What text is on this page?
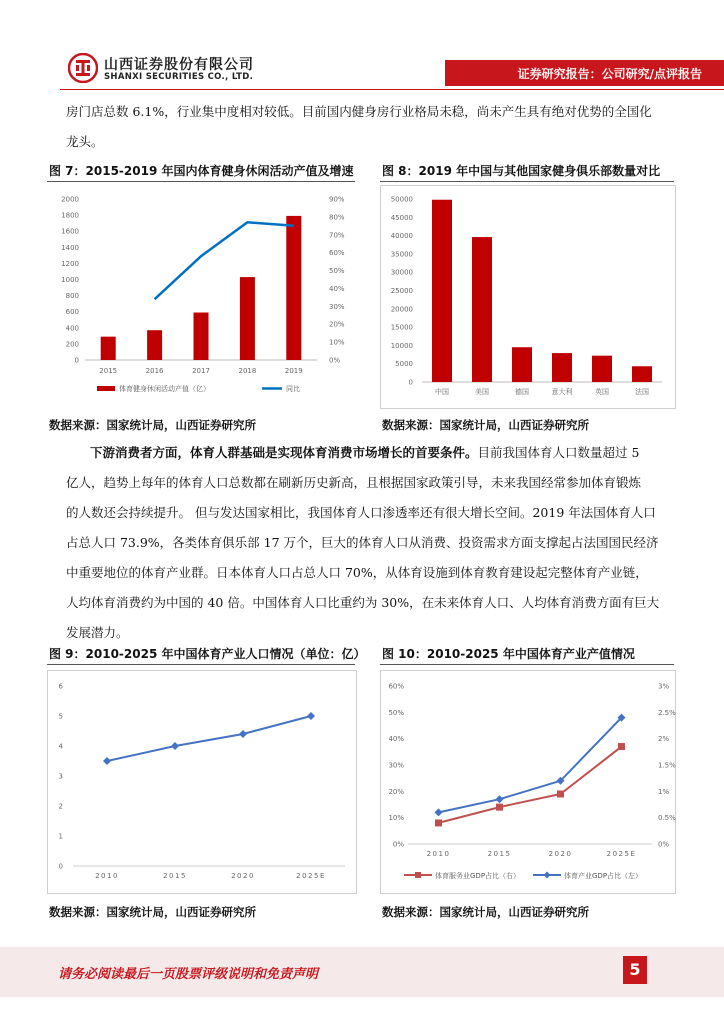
山西证券股份有限公司
SHANXI SECURITIES CO., LTD.	证券研究报告：公司研究/点评报告

房门店总数 6.1%，行业集中度相对较低。目前国内健身房行业格局未稳，尚未产生具有绝对优势的全国化

龙头。

图 7：2015-2019 年国内体育健身休闲活动产值及增速
0
200
400
600
800
1000
1200
1400
1600
1800
2000
0%
10%
20%
30%
40%
50%
60%
70%
80%
90%
2015	2016	2017	2018	2019
体育健身休闲活动产值（亿）	同比
数据来源：国家统计局，山西证券研究所
图 8：2019 年中国与其他国家健身俱乐部数量对比
0
5000
10000
15000
20000
25000
30000
35000
40000
45000
50000
中国	美国	德国	意大利	英国	法国
数据来源：国家统计局，山西证券研究所

下游消费者方面，体育人群基础是实现体育消费市场增长的首要条件。目前我国体育人口数量超过 5

亿人，趋势上每年的体育人口总数都在刷新历史新高，且根据国家政策引导，未来我国经常参加体育锻炼

的人数还会持续提升。 但与发达国家相比，我国体育人口渗透率还有很大增长空间。2019 年法国体育人口

占总人口 73.9%，各类体育俱乐部 17 万个，巨大的体育人口从消费、投资需求方面支撑起占法国国民经济

中重要地位的体育产业群。日本体育人口占总人口 70%，从体育设施到体育教育建设起完整体育产业链，

人均体育消费约为中国的 40 倍。中国体育人口比重约为 30%，在未来体育人口、人均体育消费方面有巨大

发展潜力。

图 9：2010-2025 年中国体育产业人口情况（单位：亿）
0
1
2
3
4
5
6
2010	2015	2020	2025E
数据来源：国家统计局，山西证券研究所
图 10：2010-2025 年中国体育产业产值情况
0%
10%
20%
30%
40%
50%
60%
0%
0.5%
1%
1.5%
2%
2.5%
3%
2010	2015	2020	2025E
体育服务业GDP占比（右）	体育产业GDP占比（左）
数据来源：国家统计局，山西证券研究所
请务必阅读最后一页股票评级说明和免责声明	5
